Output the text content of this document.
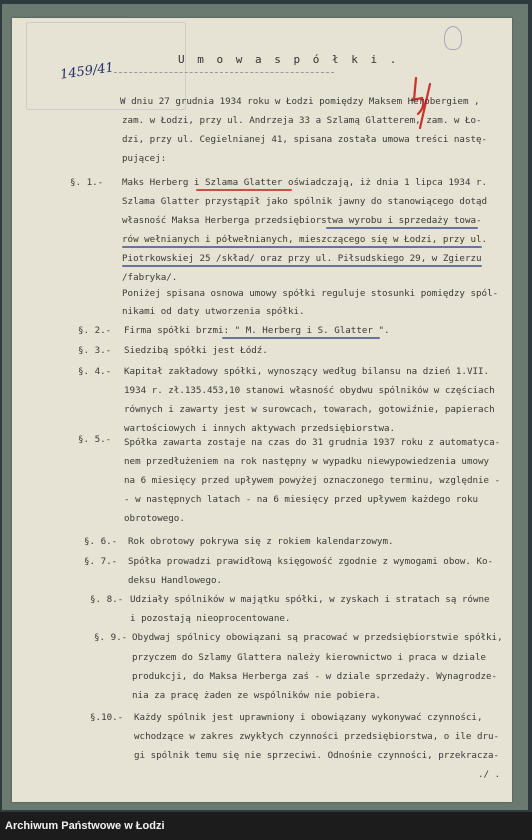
1459/41
U m o w a s p ó ł k i .
§. 1.-
§. 2.-
§. 3.-
§. 4.-
§. 5.-
§. 6.-
§. 7.-
§. 8.-
§. 9.-
§.10.-
W dniu 27 grudnia 1934 roku w Łodzi pomiędzy Maksem Herobergiem ,
zam. w Łodzi, przy ul. Andrzeja 33 a Szlamą Glatterem, zam. w Ło-
dzi, przy ul. Cegielnianej 41, spisana została umowa treści nastę-
pującej:
Maks Herberg i Szlama Glatter oświadczają, iż dnia 1 lipca 1934 r.
Szlama Glatter przystąpił jako spólnik jawny do stanowiącego dotąd
własność Maksa Herberga przedsiębiorstwa wyrobu i sprzedaży towa-
rów wełnianych i półwełnianych, mieszczącego się w Łodzi, przy ul.
Piotrkowskiej 25 /skład/ oraz przy ul. Piłsudskiego 29, w Zgierzu
/fabryka/.
Poniżej spisana osnowa umowy spółki reguluje stosunki pomiędzy spól-
nikami od daty utworzenia spółki.
Firma spółki brzmi: " M. Herberg i S. Glatter ".
Siedzibą spółki jest Łódź.
Kapitał zakładowy spółki, wynoszący według bilansu na dzień 1.VII.
1934 r. zł.135.453,10 stanowi własność obydwu spólników w częściach
równych i zawarty jest w surowcach, towarach, gotowiźnie, papierach
wartościowych i innych aktywach przedsiębiorstwa.
Spółka zawarta zostaje na czas do 31 grudnia 1937 roku z automatyca-
nem przedłużeniem na rok następny w wypadku niewypowiedzenia umowy
na 6 miesięcy przed upływem powyżej oznaczonego terminu, względnie -
- w następnych latach - na 6 miesięcy przed upływem każdego roku
obrotowego.
Rok obrotowy pokrywa się z rokiem kalendarzowym.
Spółka prowadzi prawidłową księgowość zgodnie z wymogami obow. Ko-
deksu Handlowego.
Udziały spólników w majątku spółki, w zyskach i stratach są równe
i pozostają nieoprocentowane.
Obydwaj spólnicy obowiązani są pracować w przedsiębiorstwie spółki,
przyczem do Szlamy Glattera należy kierownictwo i praca w dziale
produkcji, do Maksa Herberga zaś - w dziale sprzedaży. Wynagrodze-
nia za pracę żaden ze wspólników nie pobiera.
Każdy spólnik jest uprawniony i obowiązany wykonywać czynności,
wchodzące w zakres zwykłych czynności przedsiębiorstwa, o ile dru-
gi spólnik temu się nie sprzeciwi. Odnośnie czynności, przekracza-
./ .
Archiwum Państwowe w Łodzi
